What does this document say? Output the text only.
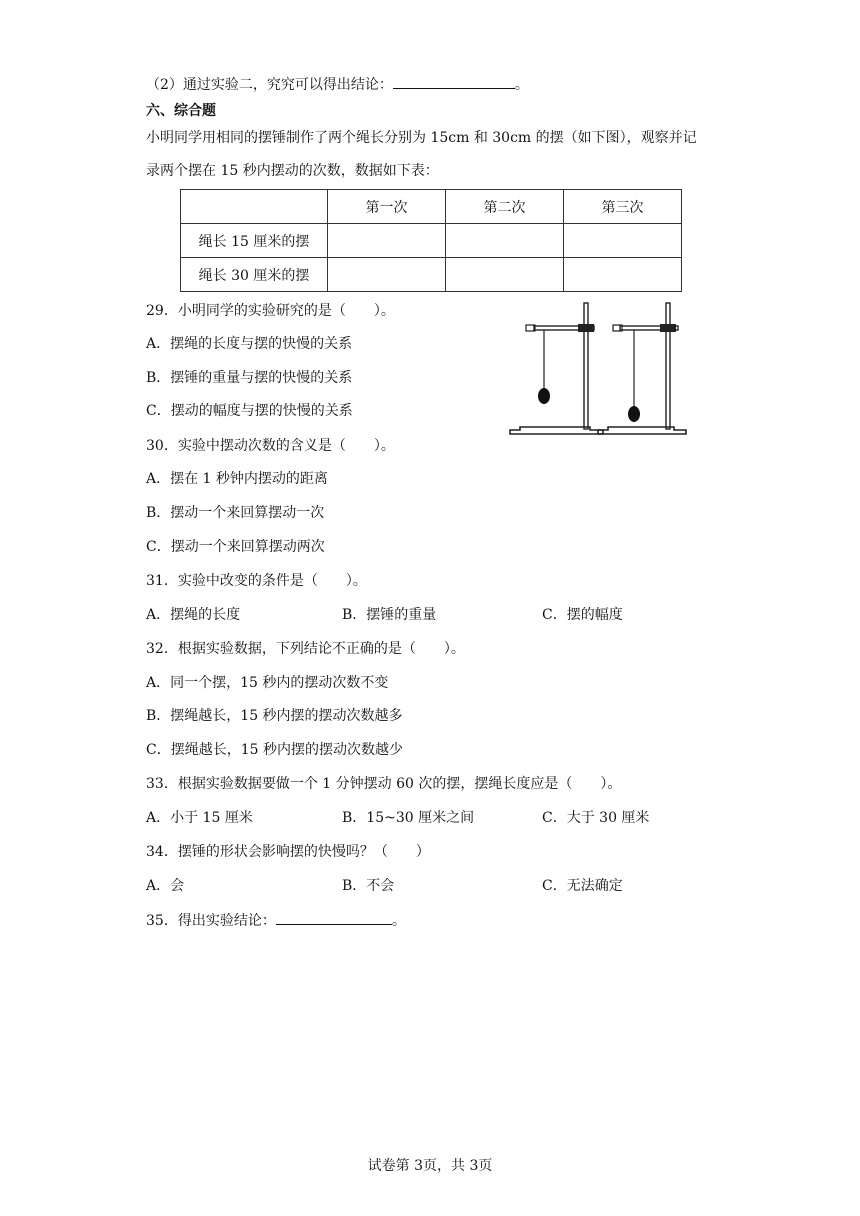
（2）通过实验二，究究可以得出结论：	。
六、综合题
小明同学用相同的摆锤制作了两个绳长分别为 15cm 和 30cm 的摆（如下图），观察并记
录两个摆在 15 秒内摆动的次数，数据如下表：
	第一次	第二次	第三次
绳长 15 厘米的摆			
绳长 30 厘米的摆			
29．小明同学的实验研究的是（　　）。
A．摆绳的长度与摆的快慢的关系
B．摆锤的重量与摆的快慢的关系
C．摆动的幅度与摆的快慢的关系
30．实验中摆动次数的含义是（　　）。
A．摆在 1 秒钟内摆动的距离
B．摆动一个来回算摆动一次
C．摆动一个来回算摆动两次
31．实验中改变的条件是（　　）。
A．摆绳的长度	B．摆锤的重量	C．摆的幅度
32．根据实验数据，下列结论不正确的是（　　）。
A．同一个摆，15 秒内的摆动次数不变
B．摆绳越长，15 秒内摆的摆动次数越多
C．摆绳越长，15 秒内摆的摆动次数越少
33．根据实验数据要做一个 1 分钟摆动 60 次的摆，摆绳长度应是（　　）。
A．小于 15 厘米	B．15~30 厘米之间	C．大于 30 厘米
34．摆锤的形状会影响摆的快慢吗？（　　）
A．会	B．不会	C．无法确定
35．得出实验结论：	。
试卷第 3页，共 3页
